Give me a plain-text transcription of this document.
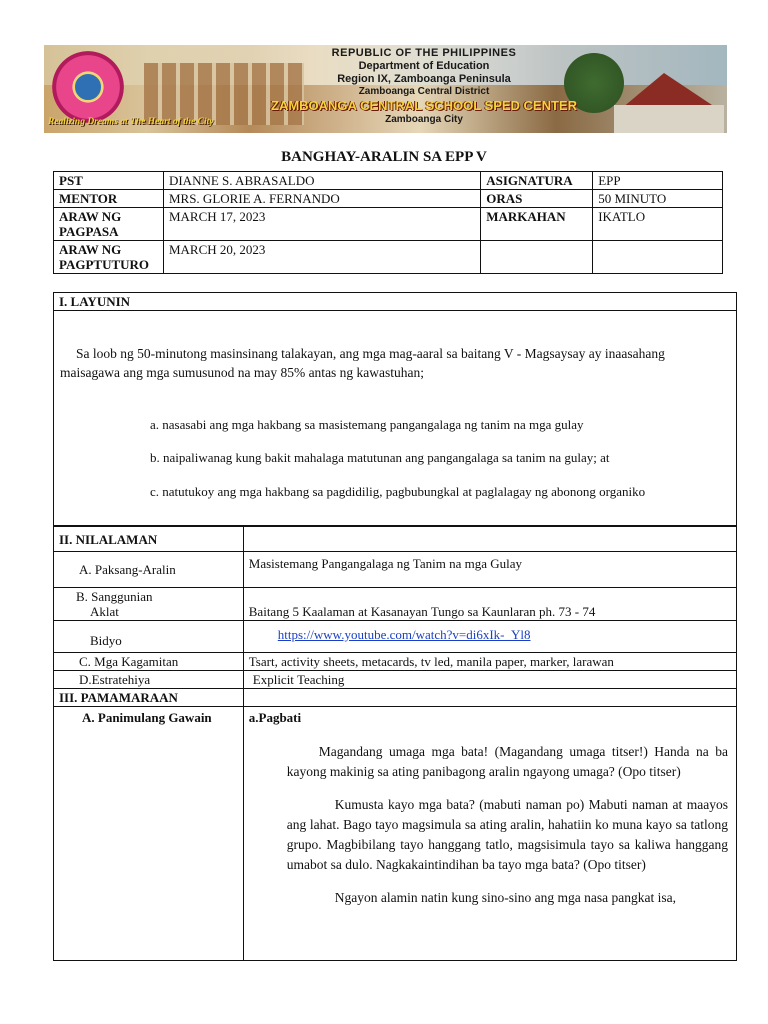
REPUBLIC OF THE PHILIPPINES
Department of Education
Region IX, Zamboanga Peninsula
Zamboanga Central District
ZAMBOANGA CENTRAL SCHOOL SPED CENTER
Zamboanga City
Realizing Dreams at The Heart of the City
BANGHAY-ARALIN SA EPP V
PST	DIANNE S. ABRASALDO	ASIGNATURA	EPP
MENTOR	MRS. GLORIE A. FERNANDO	ORAS	50 MINUTO
ARAW NG PAGPASA	MARCH 17, 2023	MARKAHAN	IKATLO
ARAW NG PAGPTUTURO	MARCH 20, 2023		
I. LAYUNIN

Sa loob ng 50-minutong masinsinang talakayan, ang mga mag-aaral sa baitang V - Magsaysay ay inaasahang maisagawa ang mga sumusunod na may 85% antas ng kawastuhan;
a. nasasabi ang mga hakbang sa masistemang pangangalaga ng tanim na mga gulay
b. naipaliwanag kung bakit mahalaga matutunan ang pangangalaga sa tanim na gulay; at
c. natutukoy ang mga hakbang sa pagdidilig, pagbubungkal at paglalagay ng abonong organiko
II. NILALAMAN	
A. Paksang-Aralin	Masistemang Pangangalaga ng Tanim na mga Gulay

B. Sanggunian
Aklat	Baitang 5 Kaalaman at Kasanayan Tungo sa Kaunlaran ph. 73 - 74
Bidyo	https://www.youtube.com/watch?v=di6xIk-_Yl8
C. Mga Kagamitan	Tsart, activity sheets, metacards, tv led, manila paper, marker, larawan
D.Estratehiya	Explicit Teaching
III. PAMAMARAAN	
A. Panimulang Gawain	a.Pagbati
Magandang umaga mga bata! (Magandang umaga titser!) Handa na ba kayong makinig sa ating panibagong aralin ngayong umaga? (Opo titser)
Kumusta kayo mga bata? (mabuti naman po) Mabuti naman at maayos ang lahat. Bago tayo magsimula sa ating aralin, hahatiin ko muna kayo sa tatlong grupo. Magbibilang tayo hanggang tatlo, magsisimula tayo sa kaliwa hanggang umabot sa dulo. Nagkakaintindihan ba tayo mga bata? (Opo titser)
Ngayon alamin natin kung sino-sino ang mga nasa pangkat isa,
